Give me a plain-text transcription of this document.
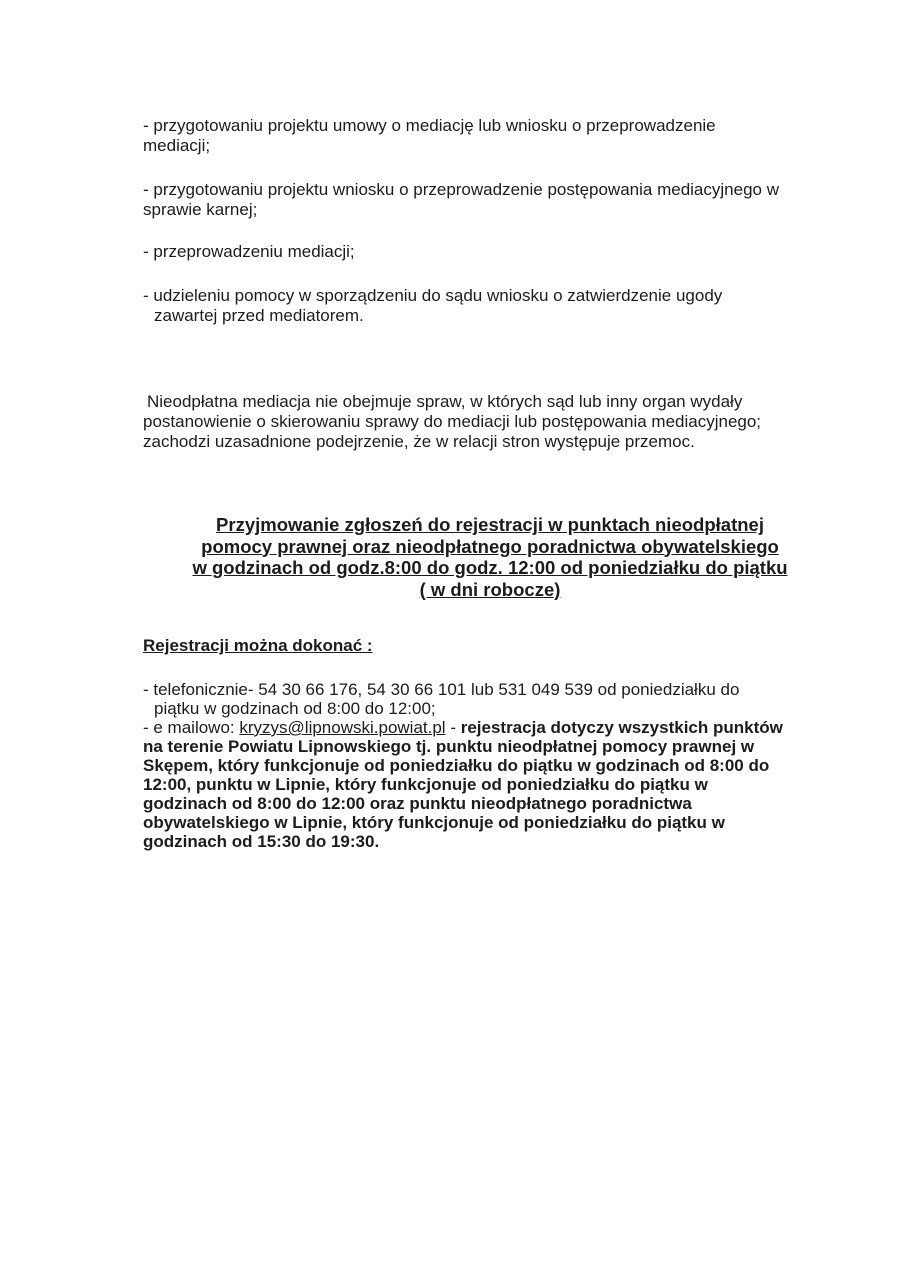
- przygotowaniu projektu umowy o mediację lub wniosku o przeprowadzenie
mediacji;

- przygotowaniu projektu wniosku o przeprowadzenie postępowania mediacyjnego w
sprawie karnej;

- przeprowadzeniu mediacji;

- udzieleniu pomocy w sporządzeniu do sądu wniosku o zatwierdzenie ugody
zawartej przed mediatorem.

Nieodpłatna mediacja nie obejmuje spraw, w których sąd lub inny organ wydały
postanowienie o skierowaniu sprawy do mediacji lub postępowania mediacyjnego;
zachodzi uzasadnione podejrzenie, że w relacji stron występuje przemoc.

Przyjmowanie zgłoszeń do rejestracji w punktach nieodpłatnej
pomocy prawnej oraz nieodpłatnego poradnictwa obywatelskiego
w godzinach od godz.8:00 do godz. 12:00 od poniedziałku do piątku
( w dni robocze)

Rejestracji można dokonać :

- telefonicznie- 54 30 66 176, 54 30 66 101 lub 531 049 539 od poniedziałku do
piątku w godzinach od 8:00 do 12:00;
- e mailowo: kryzys@lipnowski.powiat.pl - rejestracja dotyczy wszystkich punktów
na terenie Powiatu Lipnowskiego tj. punktu nieodpłatnej pomocy prawnej w
Skępem, który funkcjonuje od poniedziałku do piątku w godzinach od 8:00 do
12:00, punktu w Lipnie, który funkcjonuje od poniedziałku do piątku w
godzinach od 8:00 do 12:00 oraz punktu nieodpłatnego poradnictwa
obywatelskiego w Lipnie, który funkcjonuje od poniedziałku do piątku w
godzinach od 15:30 do 19:30.
